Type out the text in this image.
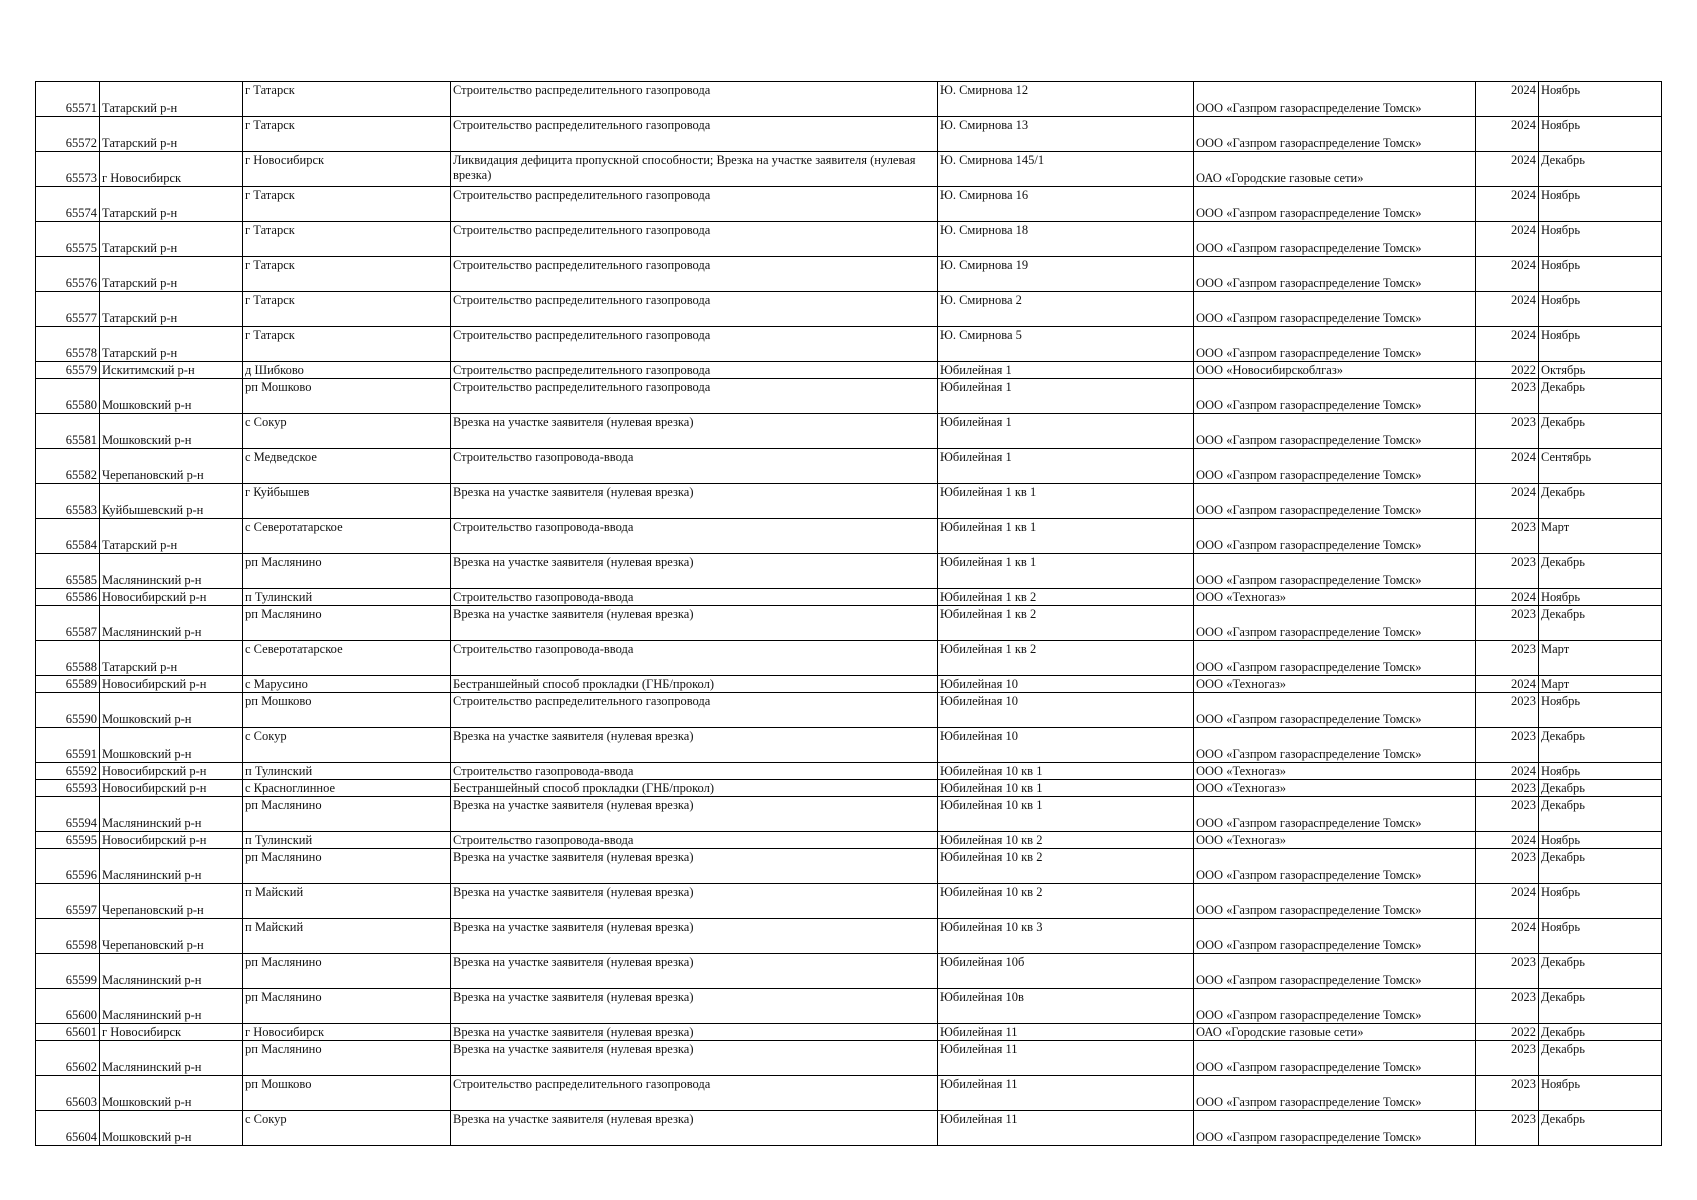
65571	Татарский р-н	г Татарск	Строительство распределительного газопровода	Ю. Смирнова 12	ООО «Газпром газораспределение Томск»	2024	Ноябрь
65572	Татарский р-н	г Татарск	Строительство распределительного газопровода	Ю. Смирнова 13	ООО «Газпром газораспределение Томск»	2024	Ноябрь
65573	г Новосибирск	г Новосибирск	Ликвидация дефицита пропускной способности; Врезка на участке заявителя (нулевая врезка)	Ю. Смирнова 145/1	ОАО «Городские газовые сети»	2024	Декабрь
65574	Татарский р-н	г Татарск	Строительство распределительного газопровода	Ю. Смирнова 16	ООО «Газпром газораспределение Томск»	2024	Ноябрь
65575	Татарский р-н	г Татарск	Строительство распределительного газопровода	Ю. Смирнова 18	ООО «Газпром газораспределение Томск»	2024	Ноябрь
65576	Татарский р-н	г Татарск	Строительство распределительного газопровода	Ю. Смирнова 19	ООО «Газпром газораспределение Томск»	2024	Ноябрь
65577	Татарский р-н	г Татарск	Строительство распределительного газопровода	Ю. Смирнова 2	ООО «Газпром газораспределение Томск»	2024	Ноябрь
65578	Татарский р-н	г Татарск	Строительство распределительного газопровода	Ю. Смирнова 5	ООО «Газпром газораспределение Томск»	2024	Ноябрь
65579	Искитимский р-н	д Шибково	Строительство распределительного газопровода	Юбилейная 1	ООО «Новосибирскоблгаз»	2022	Октябрь
65580	Мошковский р-н	рп Мошково	Строительство распределительного газопровода	Юбилейная 1	ООО «Газпром газораспределение Томск»	2023	Декабрь
65581	Мошковский р-н	с Сокур	Врезка на участке заявителя (нулевая врезка)	Юбилейная 1	ООО «Газпром газораспределение Томск»	2023	Декабрь
65582	Черепановский р-н	с Медведское	Строительство газопровода-ввода	Юбилейная 1	ООО «Газпром газораспределение Томск»	2024	Сентябрь
65583	Куйбышевский р-н	г Куйбышев	Врезка на участке заявителя (нулевая врезка)	Юбилейная 1 кв 1	ООО «Газпром газораспределение Томск»	2024	Декабрь
65584	Татарский р-н	с Северотатарское	Строительство газопровода-ввода	Юбилейная 1 кв 1	ООО «Газпром газораспределение Томск»	2023	Март
65585	Маслянинский р-н	рп Маслянино	Врезка на участке заявителя (нулевая врезка)	Юбилейная 1 кв 1	ООО «Газпром газораспределение Томск»	2023	Декабрь
65586	Новосибирский р-н	п Тулинский	Строительство газопровода-ввода	Юбилейная 1 кв 2	ООО «Техногаз»	2024	Ноябрь
65587	Маслянинский р-н	рп Маслянино	Врезка на участке заявителя (нулевая врезка)	Юбилейная 1 кв 2	ООО «Газпром газораспределение Томск»	2023	Декабрь
65588	Татарский р-н	с Северотатарское	Строительство газопровода-ввода	Юбилейная 1 кв 2	ООО «Газпром газораспределение Томск»	2023	Март
65589	Новосибирский р-н	с Марусино	Бестраншейный способ прокладки (ГНБ/прокол)	Юбилейная 10	ООО «Техногаз»	2024	Март
65590	Мошковский р-н	рп Мошково	Строительство распределительного газопровода	Юбилейная 10	ООО «Газпром газораспределение Томск»	2023	Ноябрь
65591	Мошковский р-н	с Сокур	Врезка на участке заявителя (нулевая врезка)	Юбилейная 10	ООО «Газпром газораспределение Томск»	2023	Декабрь
65592	Новосибирский р-н	п Тулинский	Строительство газопровода-ввода	Юбилейная 10 кв 1	ООО «Техногаз»	2024	Ноябрь
65593	Новосибирский р-н	с Красноглинное	Бестраншейный способ прокладки (ГНБ/прокол)	Юбилейная 10 кв 1	ООО «Техногаз»	2023	Декабрь
65594	Маслянинский р-н	рп Маслянино	Врезка на участке заявителя (нулевая врезка)	Юбилейная 10 кв 1	ООО «Газпром газораспределение Томск»	2023	Декабрь
65595	Новосибирский р-н	п Тулинский	Строительство газопровода-ввода	Юбилейная 10 кв 2	ООО «Техногаз»	2024	Ноябрь
65596	Маслянинский р-н	рп Маслянино	Врезка на участке заявителя (нулевая врезка)	Юбилейная 10 кв 2	ООО «Газпром газораспределение Томск»	2023	Декабрь
65597	Черепановский р-н	п Майский	Врезка на участке заявителя (нулевая врезка)	Юбилейная 10 кв 2	ООО «Газпром газораспределение Томск»	2024	Ноябрь
65598	Черепановский р-н	п Майский	Врезка на участке заявителя (нулевая врезка)	Юбилейная 10 кв 3	ООО «Газпром газораспределение Томск»	2024	Ноябрь
65599	Маслянинский р-н	рп Маслянино	Врезка на участке заявителя (нулевая врезка)	Юбилейная 10б	ООО «Газпром газораспределение Томск»	2023	Декабрь
65600	Маслянинский р-н	рп Маслянино	Врезка на участке заявителя (нулевая врезка)	Юбилейная 10в	ООО «Газпром газораспределение Томск»	2023	Декабрь
65601	г Новосибирск	г Новосибирск	Врезка на участке заявителя (нулевая врезка)	Юбилейная 11	ОАО «Городские газовые сети»	2022	Декабрь
65602	Маслянинский р-н	рп Маслянино	Врезка на участке заявителя (нулевая врезка)	Юбилейная 11	ООО «Газпром газораспределение Томск»	2023	Декабрь
65603	Мошковский р-н	рп Мошково	Строительство распределительного газопровода	Юбилейная 11	ООО «Газпром газораспределение Томск»	2023	Ноябрь
65604	Мошковский р-н	с Сокур	Врезка на участке заявителя (нулевая врезка)	Юбилейная 11	ООО «Газпром газораспределение Томск»	2023	Декабрь
